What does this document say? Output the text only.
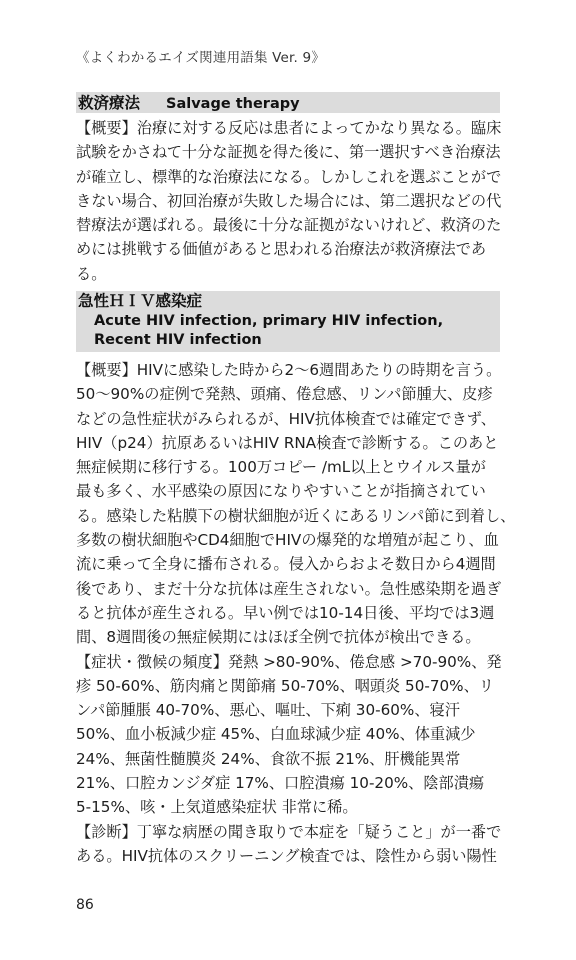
《よくわかるエイズ関連用語集 Ver. 9》
救済療法 Salvage therapy
【概要】治療に対する反応は患者によってかなり異なる。臨床
試験をかさねて十分な証拠を得た後に、第一選択すべき治療法
が確立し、標準的な治療法になる。しかしこれを選ぶことがで
きない場合、初回治療が失敗した場合には、第二選択などの代
替療法が選ばれる。最後に十分な証拠がないけれど、救済のた
めには挑戦する価値があると思われる治療法が救済療法であ
る。
急性ＨＩＶ感染症
Acute HIV infection, primary HIV infection,
Recent HIV infection
【概要】HIVに感染した時から2～6週間あたりの時期を言う。
50～90%の症例で発熱、頭痛、倦怠感、リンパ節腫大、皮疹
などの急性症状がみられるが、HIV抗体検査では確定できず、
HIV（p24）抗原あるいはHIV RNA検査で診断する。このあと
無症候期に移行する。100万コピー /mL以上とウイルス量が
最も多く、水平感染の原因になりやすいことが指摘されてい
る。感染した粘膜下の樹状細胞が近くにあるリンパ節に到着し、
多数の樹状細胞やCD4細胞でHIVの爆発的な増殖が起こり、血
流に乗って全身に播布される。侵入からおよそ数日から4週間
後であり、まだ十分な抗体は産生されない。急性感染期を過ぎ
ると抗体が産生される。早い例では10-14日後、平均では3週
間、8週間後の無症候期にはほぼ全例で抗体が検出できる。
【症状・徴候の頻度】発熱 >80-90%、倦怠感 >70-90%、発
疹 50-60%、筋肉痛と関節痛 50-70%、咽頭炎 50-70%、リ
ンパ節腫脹 40-70%、悪心、嘔吐、下痢 30-60%、寝汗
50%、血小板減少症 45%、白血球減少症 40%、体重減少
24%、無菌性髄膜炎 24%、食欲不振 21%、肝機能異常
21%、口腔カンジダ症 17%、口腔潰瘍 10-20%、陰部潰瘍
5-15%、咳・上気道感染症状 非常に稀。
【診断】丁寧な病歴の聞き取りで本症を「疑うこと」が一番で
ある。HIV抗体のスクリーニング検査では、陰性から弱い陽性
86
